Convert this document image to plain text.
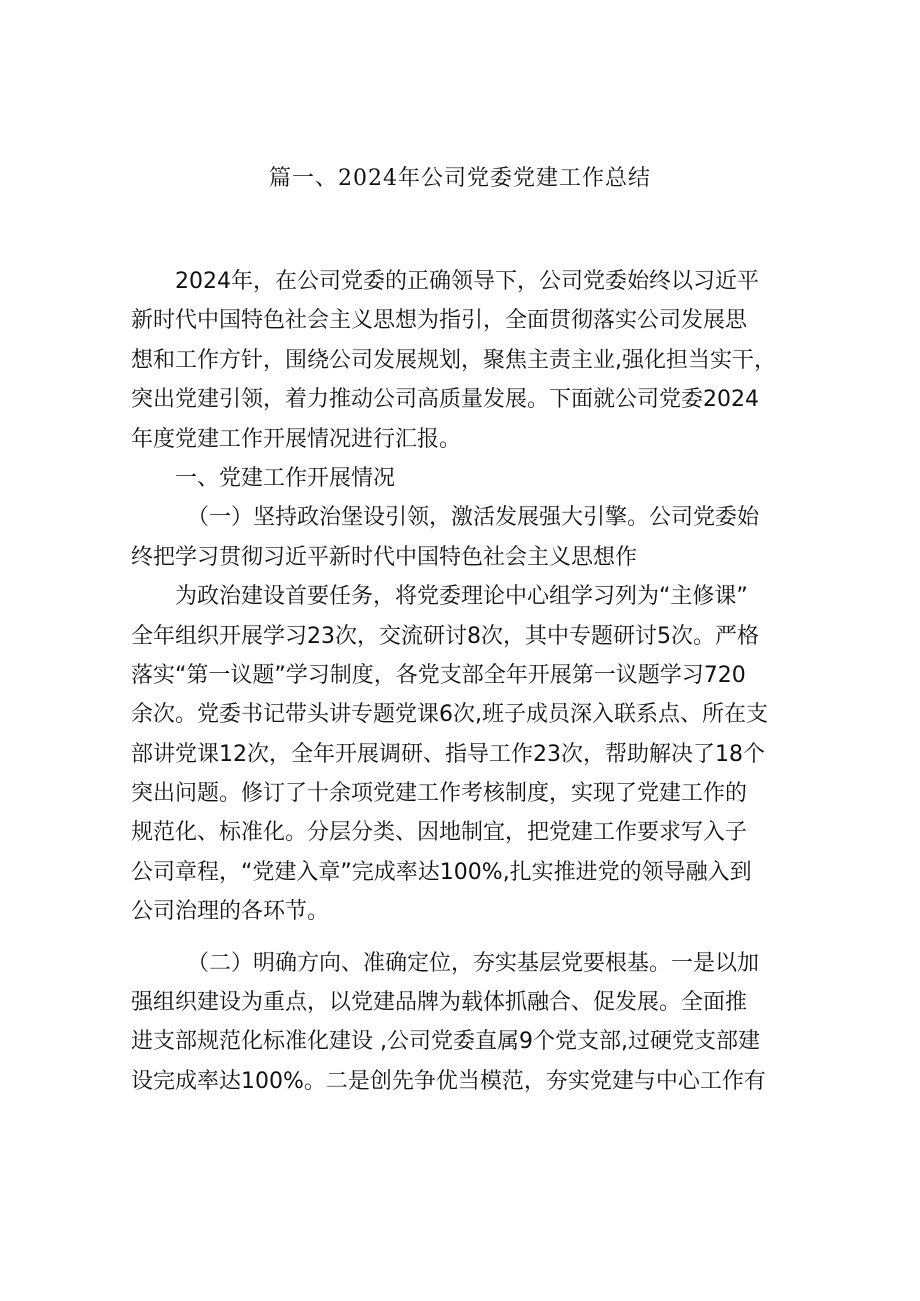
篇一、2024年公司党委党建工作总结
2024年，在公司党委的正确领导下，公司党委始终以习近平
新时代中国特色社会主义思想为指引，全面贯彻落实公司发展思
想和工作方针，围绕公司发展规划，聚焦主责主业,强化担当实干，
突出党建引领，着力推动公司高质量发展。下面就公司党委2024
年度党建工作开展情况进行汇报。
一、党建工作开展情况
（一）坚持政治堡设引领，激活发展强大引擎。公司党委始
终把学习贯彻习近平新时代中国特色社会主义思想作
为政治建设首要任务，将党委理论中心组学习列为“主修课”
全年组织开展学习23次，交流研讨8次，其中专题研讨5次。严格
落实“第一议题”学习制度，各党支部全年开展第一议题学习720
余次。党委书记带头讲专题党课6次,班子成员深入联系点、所在支
部讲党课12次，全年开展调研、指导工作23次，帮助解决了18个
突出问题。修订了十余项党建工作考核制度，实现了党建工作的
规范化、标准化。分层分类、因地制宜，把党建工作要求写入子
公司章程，“党建入章”完成率达100%,扎实推进党的领导融入到
公司治理的各环节。
（二）明确方向、准确定位，夯实基层党要根基。一是以加
强组织建设为重点，以党建品牌为载体抓融合、促发展。全面推
进支部规范化标准化建设 ,公司党委直属9个党支部,过硬党支部建
设完成率达100%。二是创先争优当模范，夯实党建与中心工作有
